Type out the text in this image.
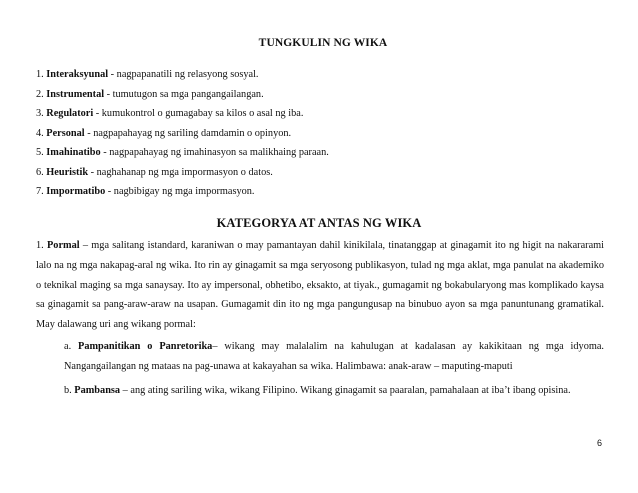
TUNGKULIN NG WIKA
1. Interaksyunal - nagpapanatili ng relasyong sosyal.
2. Instrumental - tumutugon sa mga pangangailangan.
3. Regulatori - kumukontrol o gumagabay sa kilos o asal ng iba.
4. Personal - nagpapahayag ng sariling damdamin o opinyon.
5. Imahinatibo - nagpapahayag ng imahinasyon sa malikhaing paraan.
6. Heuristik - naghahanap ng mga impormasyon o datos.
7. Impormatibo - nagbibigay ng mga impormasyon.
KATEGORYA AT ANTAS NG WIKA

1. Pormal – mga salitang istandard, karaniwan o may pamantayan dahil kinikilala, tinatanggap at ginagamit ito ng higit na nakararami lalo na ng mga nakapag-aral ng wika. Ito rin ay ginagamit sa mga seryosong publikasyon, tulad ng mga aklat, mga panulat na akademiko o teknikal maging sa mga sanaysay. Ito ay impersonal, obhetibo, eksakto, at tiyak., gumagamit ng bokabularyong mas komplikado kaysa sa ginagamit sa pang-araw-araw na usapan. Gumagamit din ito ng mga pangungusap na binubuo ayon sa mga panuntunang gramatikal. May dalawang uri ang wikang pormal:

a. Pampanitikan o Panretorika– wikang may malalalim na kahulugan at kadalasan ay kakikitaan ng mga idyoma. Nangangailangan ng mataas na pag-unawa at kakayahan sa wika. Halimbawa: anak-araw – maputing-maputi

b. Pambansa – ang ating sariling wika, wikang Filipino. Wikang ginagamit sa paaralan, pamahalaan at iba’t ibang opisina.

6
